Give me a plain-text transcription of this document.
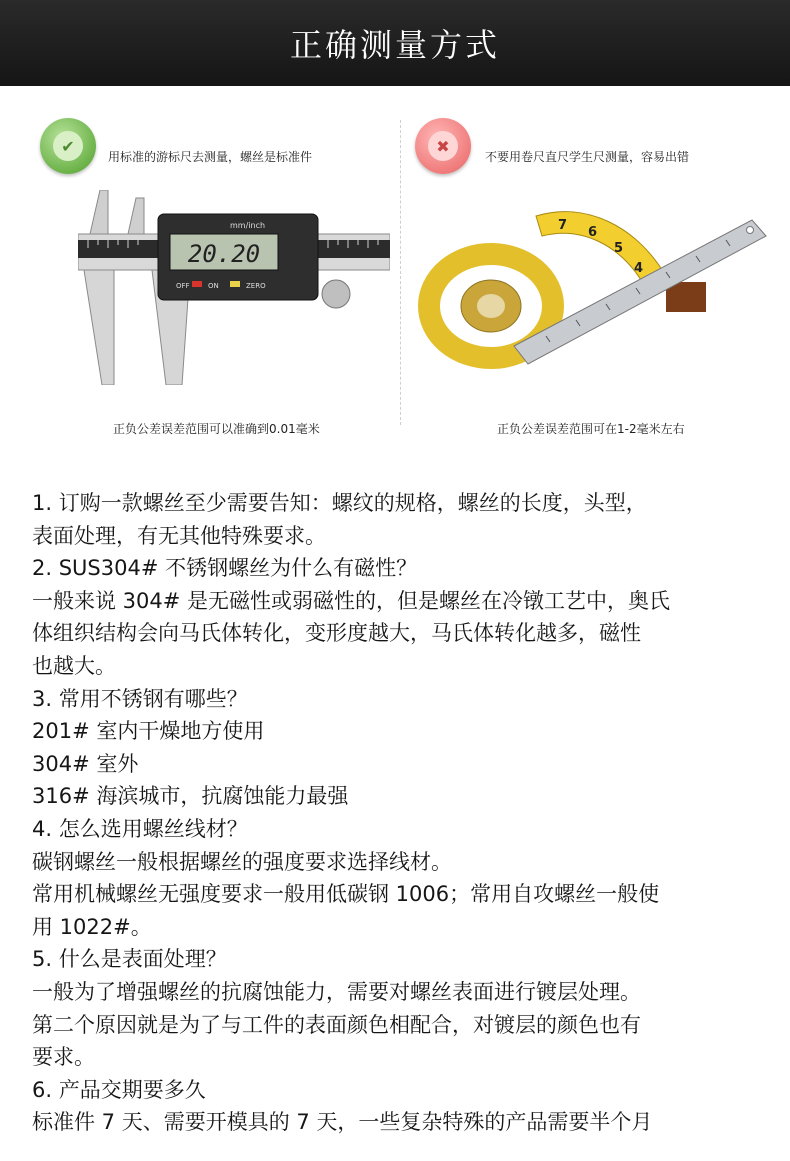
正确测量方式
✔
用标准的游标尺去测量，螺丝是标准件
mm/inch
20.20
OFF	ON	ZERO
正负公差误差范围可以准确到0.01毫米
✖
不要用卷尺直尺学生尺测量，容易出错
7 6
5
4
正负公差误差范围可在1-2毫米左右

1. 订购一款螺丝至少需要告知：螺纹的规格，螺丝的长度，头型，

表面处理，有无其他特殊要求。

2. SUS304# 不锈钢螺丝为什么有磁性？

一般来说 304# 是无磁性或弱磁性的，但是螺丝在冷镦工艺中，奥氏

体组织结构会向马氏体转化，变形度越大，马氏体转化越多，磁性

也越大。

3. 常用不锈钢有哪些？

201# 室内干燥地方使用

304# 室外

316# 海滨城市，抗腐蚀能力最强

4. 怎么选用螺丝线材？

碳钢螺丝一般根据螺丝的强度要求选择线材。

常用机械螺丝无强度要求一般用低碳钢 1006；常用自攻螺丝一般使

用 1022#。

5. 什么是表面处理？

一般为了增强螺丝的抗腐蚀能力，需要对螺丝表面进行镀层处理。

第二个原因就是为了与工件的表面颜色相配合，对镀层的颜色也有

要求。

6. 产品交期要多久

标准件 7 天、需要开模具的 7 天，一些复杂特殊的产品需要半个月
